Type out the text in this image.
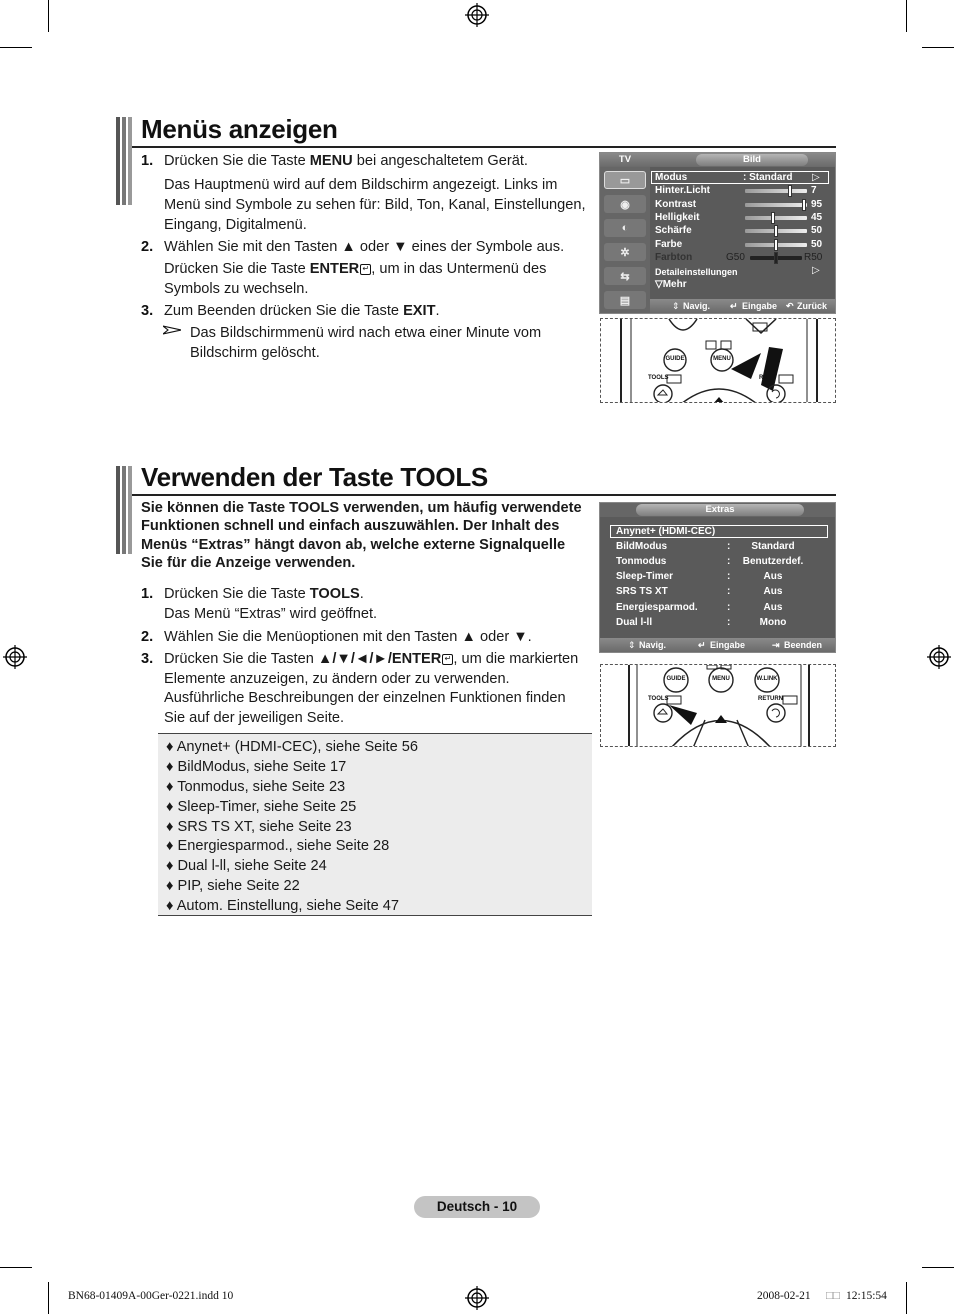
Menüs anzeigen
1. Drücken Sie die Taste MENU bei angeschaltetem Gerät.
Das Hauptmenü wird auf dem Bildschirm angezeigt. Links im
Menü sind Symbole zu sehen für: Bild, Ton, Kanal, Einstellungen,
Eingang, Digitalmenü.
2. Wählen Sie mit den Tasten ▲ oder ▼ eines der Symbole aus.
Drücken Sie die Taste ENTER ↵ , um in das Untermenü des
Symbols zu wechseln.
3. Zum Beenden drücken Sie die Taste EXIT.
Das Bildschirmmenü wird nach etwa einer Minute vom
Bildschirm gelöscht.
TV	Bild
▭
◉
◐
✲
⇆
▤
Modus	: Standard ▷
Hinter.Licht	7
Kontrast	95
Helligkeit	45
Schärfe	50
Farbe	50
Farbton	G50	R50
Detaileinstellungen	▷
▽Mehr
⇕ Navig. ↵ Eingabe ↶ Zurück
GUIDE	MENU
TOOLS	RE
Verwenden der Taste TOOLS
Sie können die Taste TOOLS verwenden, um häufig verwendete
Funktionen schnell und einfach auszuwählen. Der Inhalt des
Menüs “Extras” hängt davon ab, welche externe Signalquelle
Sie für die Anzeige verwenden.
1. Drücken Sie die Taste TOOLS.
Das Menü “Extras” wird geöffnet.
2. Wählen Sie die Menüoptionen mit den Tasten ▲ oder ▼.
3. Drücken Sie die Tasten ▲/▼/◄/►/ENTER ↵ , um die markierten
Elemente anzuzeigen, zu ändern oder zu verwenden.
Ausführliche Beschreibungen der einzelnen Funktionen finden
Sie auf der jeweiligen Seite.
♦ Anynet+ (HDMI-CEC), siehe Seite 56
♦ BildModus, siehe Seite 17
♦ Tonmodus, siehe Seite 23
♦ Sleep-Timer, siehe Seite 25
♦ SRS TS XT, siehe Seite 23
♦ Energiesparmod., siehe Seite 28
♦ Dual l-ll, siehe Seite 24
♦ PIP, siehe Seite 22
♦ Autom. Einstellung, siehe Seite 47
Extras
Anynet+ (HDMI-CEC)
BildModus	:	Standard
Tonmodus	: Benutzerdef.
Sleep-Timer	:	Aus
SRS TS XT	:	Aus
Energiesparmod.	:	Aus
Dual l-ll	:	Mono
⇕ Navig.	↵ Eingabe	⇥ Beenden
GUIDE	MENU	W.LINK
TOOLS	RETURN
Deutsch - 10
BN68-01409A-00Ger-0221.indd 10	2008-02-21 □□ 12:15:54
